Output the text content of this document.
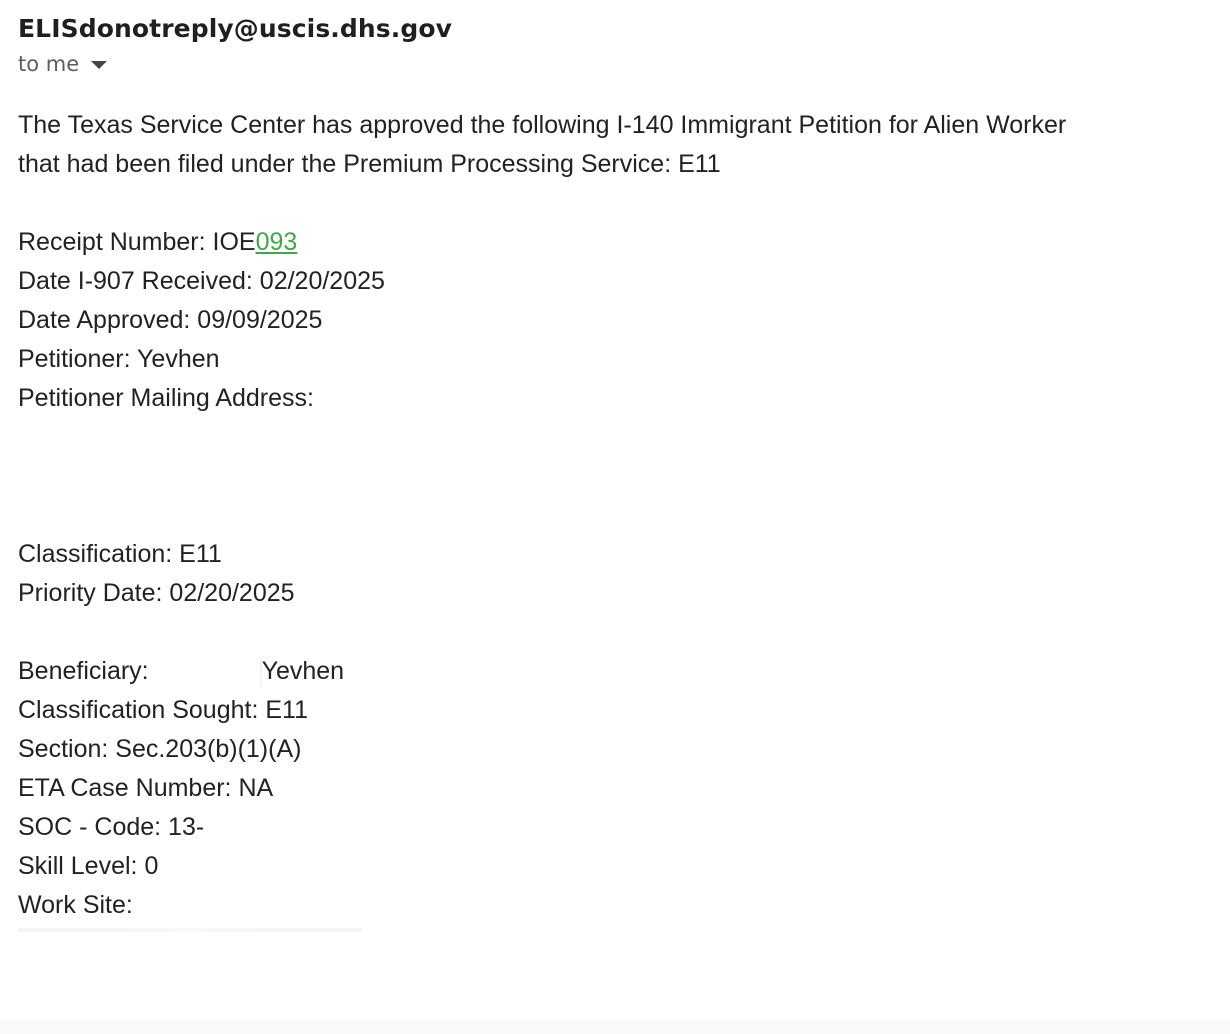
ELISdonotreply@uscis.dhs.gov
to me
The Texas Service Center has approved the following I-140 Immigrant Petition for Alien Worker
that had been filed under the Premium Processing Service: E11
Receipt Number: IOE093
Date I-907 Received: 02/20/2025
Date Approved: 09/09/2025
Petitioner: Yevhen
Petitioner Mailing Address:
Classification: E11
Priority Date: 02/20/2025
Beneficiary:	Yevhen
Classification Sought: E11
Section: Sec.203(b)(1)(A)
ETA Case Number: NA
SOC - Code: 13-
Skill Level: 0
Work Site:
